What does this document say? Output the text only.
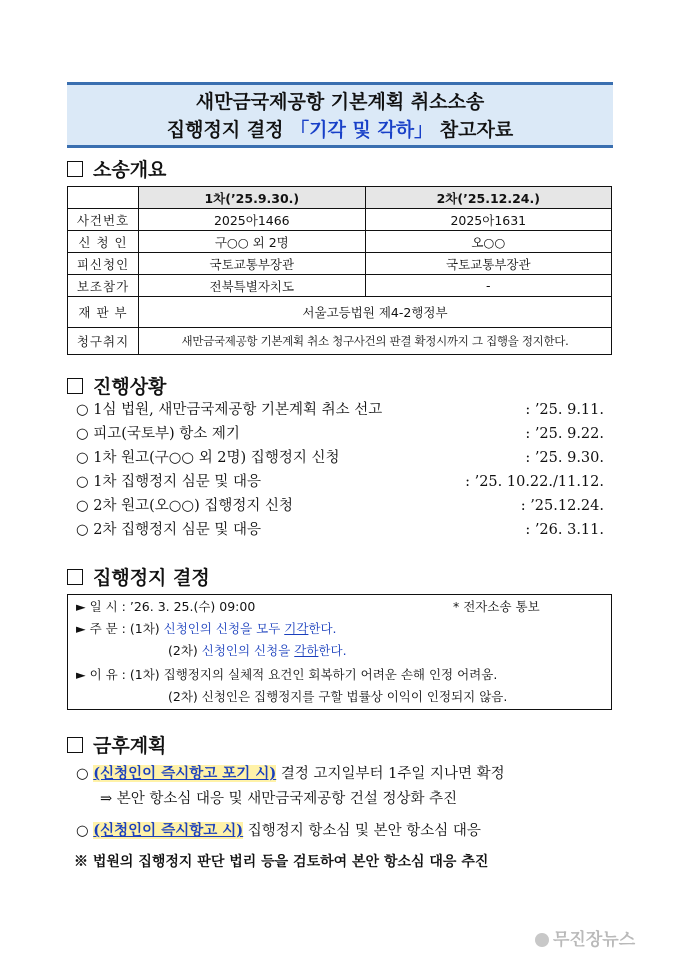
새만금국제공항 기본계획 취소소송
집행정지 결정 「기각 및 각하」 참고자료
소송개요
	1차(’25.9.30.)	2차(’25.12.24.)
사건번호	2025아1466	2025아1631
신 청 인	구○○ 외 2명	오○○
피신청인	국토교통부장관	국토교통부장관
보조참가	전북특별자치도	-
재 판 부	서울고등법원 제4-2행정부	
청구취지	새만금국제공항 기본계획 취소 청구사건의 판결 확정시까지 그 집행을 정지한다.	
진행상황
○ 1심 법원, 새만금국제공항 기본계획 취소 선고	: ’25. 9.11.
○ 피고(국토부) 항소 제기	: ’25. 9.22.
○ 1차 원고(구○○ 외 2명) 집행정지 신청	: ’25. 9.30.
○ 1차 집행정지 심문 및 대응	: ’25. 10.22./11.12.
○ 2차 원고(오○○) 집행정지 신청	: ’25.12.24.
○ 2차 집행정지 심문 및 대응	: ’26. 3.11.
집행정지 결정
► 일 시 : ’26. 3. 25.(수) 09:00	* 전자소송 통보
► 주 문 : (1차) 신청인의 신청을 모두 기각한다.
(2차) 신청인의 신청을 각하한다.
► 이 유 : (1차) 집행정지의 실체적 요건인 회복하기 어려운 손해 인정 어려움.
(2차) 신청인은 집행정지를 구할 법률상 이익이 인정되지 않음.
금후계획
○ (신청인이 즉시항고 포기 시) 결정 고지일부터 1주일 지나면 확정
⇒ 본안 항소심 대응 및 새만금국제공항 건설 정상화 추진
○ (신청인이 즉시항고 시) 집행정지 항소심 및 본안 항소심 대응
※ 법원의 집행정지 판단 법리 등을 검토하여 본안 항소심 대응 추진
무진장뉴스
